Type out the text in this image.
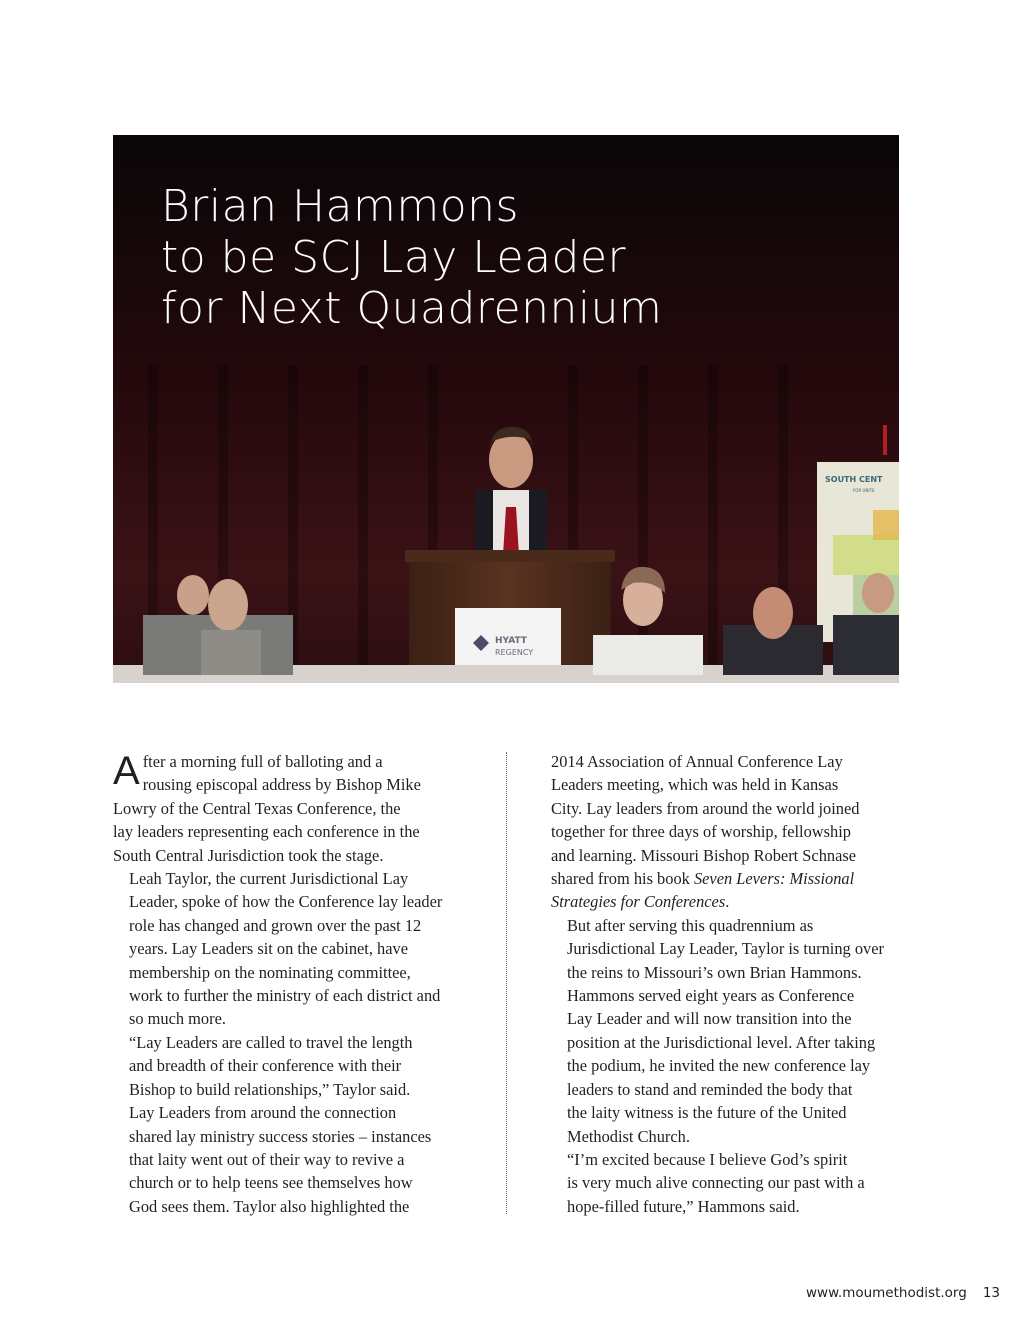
SOUTH CENT
FOR UNITE
HYATT
REGENCY
Brian Hammons
to be SCJ Lay Leader
for Next Quadrennium

A fter a morning full of balloting and a
rousing episcopal address by Bishop Mike
Lowry of the Central Texas Conference, the
lay leaders representing each conference in the
South Central Jurisdiction took the stage.

Leah Taylor, the current Jurisdictional Lay
Leader, spoke of how the Conference lay leader
role has changed and grown over the past 12
years. Lay Leaders sit on the cabinet, have
membership on the nominating committee,
work to further the ministry of each district and
so much more.

“Lay Leaders are called to travel the length
and breadth of their conference with their
Bishop to build relationships,” Taylor said.

Lay Leaders from around the connection
shared lay ministry success stories – instances
that laity went out of their way to revive a
church or to help teens see themselves how
God sees them. Taylor also highlighted the

2014 Association of Annual Conference Lay
Leaders meeting, which was held in Kansas
City. Lay leaders from around the world joined
together for three days of worship, fellowship
and learning. Missouri Bishop Robert Schnase
shared from his book Seven Levers: Missional
Strategies for Conferences.

But after serving this quadrennium as
Jurisdictional Lay Leader, Taylor is turning over
the reins to Missouri’s own Brian Hammons.

Hammons served eight years as Conference
Lay Leader and will now transition into the
position at the Jurisdictional level. After taking
the podium, he invited the new conference lay
leaders to stand and reminded the body that
the laity witness is the future of the United
Methodist Church.

“I’m excited because I believe God’s spirit
is very much alive connecting our past with a
hope-filled future,” Hammons said.

www.moumethodist.org 13
